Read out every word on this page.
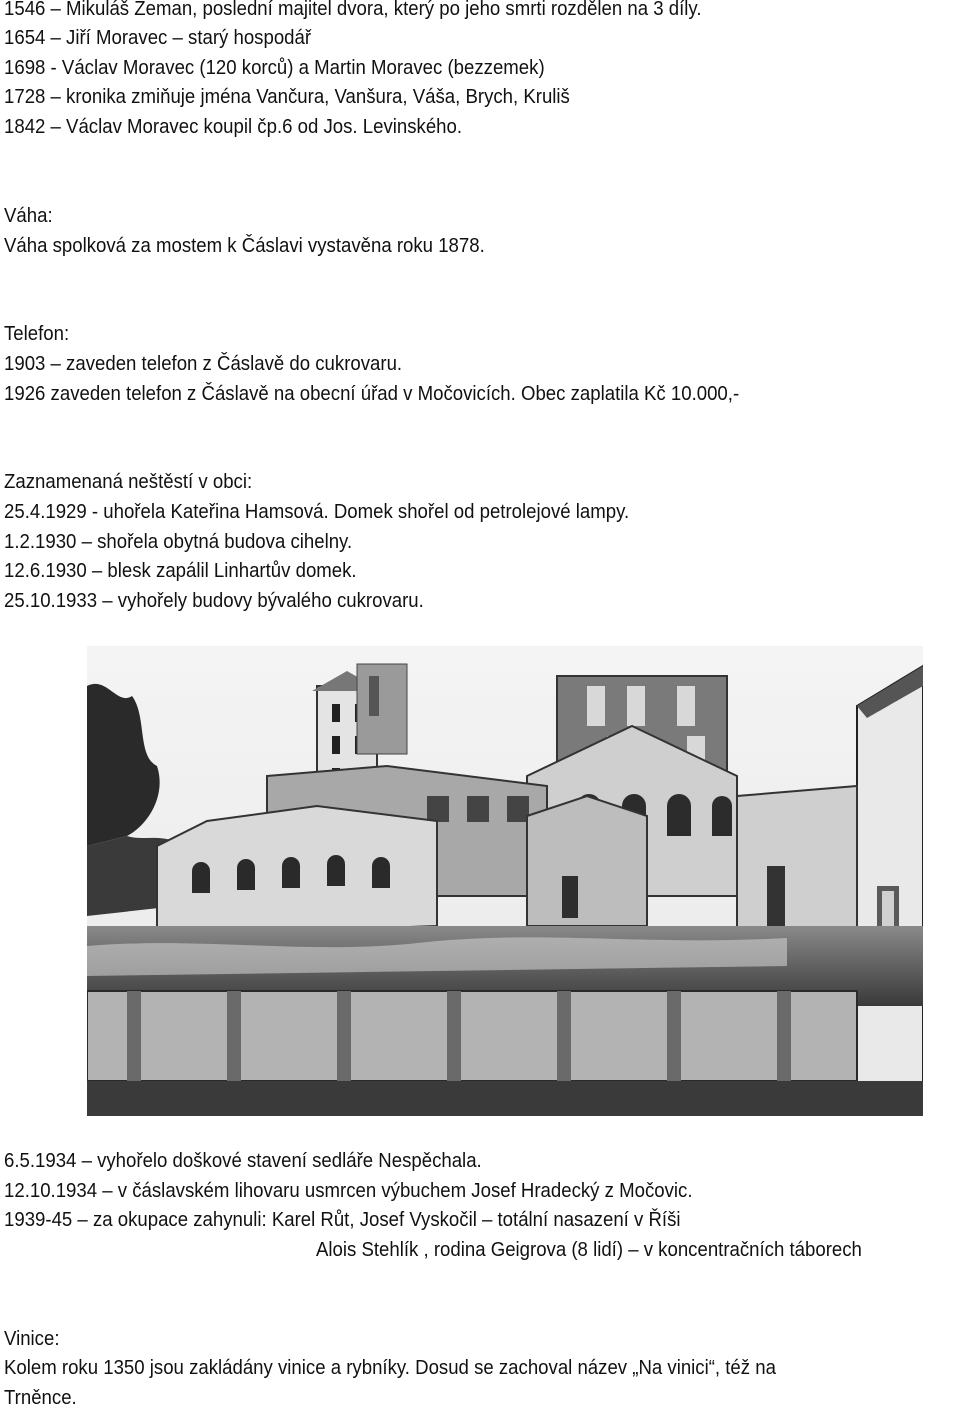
1546 – Mikuláš Zeman, poslední majitel dvora, který po jeho smrti rozdělen na 3 díly.
1654 – Jiří Moravec – starý hospodář
1698 - Václav Moravec (120 korců) a Martin Moravec (bezzemek)
1728 – kronika zmiňuje jména Vančura, Vanšura, Váša, Brych, Kruliš
1842 – Václav Moravec koupil čp.6 od Jos. Levinského.
Váha:
Váha spolková za mostem k Čáslavi vystavěna roku 1878.
Telefon:
1903 – zaveden telefon z Čáslavě do cukrovaru.
1926 zaveden telefon z Čáslavě na obecní úřad v Močovicích. Obec zaplatila Kč 10.000,-
Zaznamenaná neštěstí v obci:
25.4.1929 - uhořela Kateřina Hamsová. Domek shořel od petrolejové lampy.
1.2.1930 – shořela obytná budova cihelny.
12.6.1930 – blesk zapálil Linhartův domek.
25.10.1933 – vyhořely budovy bývalého cukrovaru.
6.5.1934 – vyhořelo doškové stavení sedláře Nespěchala.
12.10.1934 – v čáslavském lihovaru usmrcen výbuchem Josef Hradecký z Močovic.
1939-45 – za okupace zahynuli: Karel Růt, Josef Vyskočil – totální nasazení v Říši
Alois Stehlík , rodina Geigrova (8 lidí) – v koncentračních táborech
Vinice:
Kolem roku 1350 jsou zakládány vinice a rybníky. Dosud se zachoval název „Na vinici“, též na
Trněnce.
